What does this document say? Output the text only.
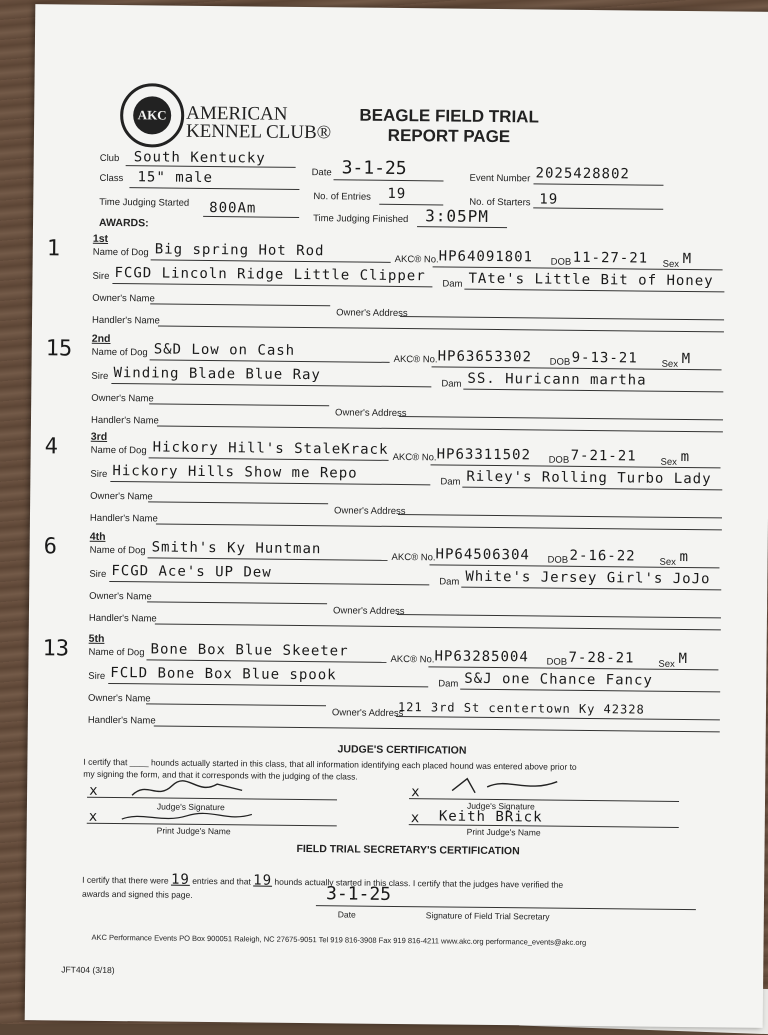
AKC AMERICAN
KENNEL CLUB®
BEAGLE FIELD TRIAL
REPORT PAGE
Club South Kentucky
Date 3-1-25	Event Number 2025428802
Class 15" male
No. of Entries 19
No. of Starters 19
Time Judging Started 800Am
Time Judging Finished 3:05PM
AWARDS:
1	1st
Name of Dog Big spring Hot Rod
AKC® No. HP64091801 DOB 11-27-21 Sex M
Sire FCGD Lincoln Ridge Little Clipper Dam TAte's Little Bit of Honey
Owner's Name
Owner's Address
Handler's Name
15 2nd
Name of Dog S&D Low on Cash
AKC® No. HP63653302 DOB 9-13-21	Sex M
Sire Winding Blade Blue Ray
Dam SS. Huricann martha
Owner's Name
Owner's Address
Handler's Name
4	3rd
Name of Dog Hickory Hill's StaleKrack AKC® No. HP63311502 DOB 7-21-21	Sex m
Sire Hickory Hills Show me Repo
Dam Riley's Rolling Turbo Lady
Owner's Name
Owner's Address
Handler's Name
6	4th
Name of Dog Smith's Ky Huntman
AKC® No. HP64506304 DOB 2-16-22	Sex m
Sire FCGD Ace's UP Dew
Dam White's Jersey Girl's JoJo
Owner's Name
Owner's Address
Handler's Name
13 5th
Name of Dog Bone Box Blue Skeeter
AKC® No. HP63285004 DOB 7-28-21	Sex M
Sire FCLD Bone Box Blue spook
Dam S&J one Chance Fancy
Owner's Name
Owner's Address
121 3rd St centertown Ky 42328
Handler's Name
JUDGE'S CERTIFICATION
I certify that ____ hounds actually started in this class, that all information identifying each placed hound was entered above prior to
my signing the form, and that it corresponds with the judging of the class.
x
Judge's Signature
x
Print Judge's Name
x
Judge's Signature
x Keith BRick
Print Judge's Name
FIELD TRIAL SECRETARY'S CERTIFICATION
I certify that there were 19 entries and that 19 hounds actually started in this class. I certify that the judges have verified the
awards and signed this page.	3-1-25
Date	Signature of Field Trial Secretary
AKC Performance Events PO Box 900051 Raleigh, NC 27675-9051 Tel 919 816-3908 Fax 919 816-4211 www.akc.org performance_events@akc.org
JFT404 (3/18)
